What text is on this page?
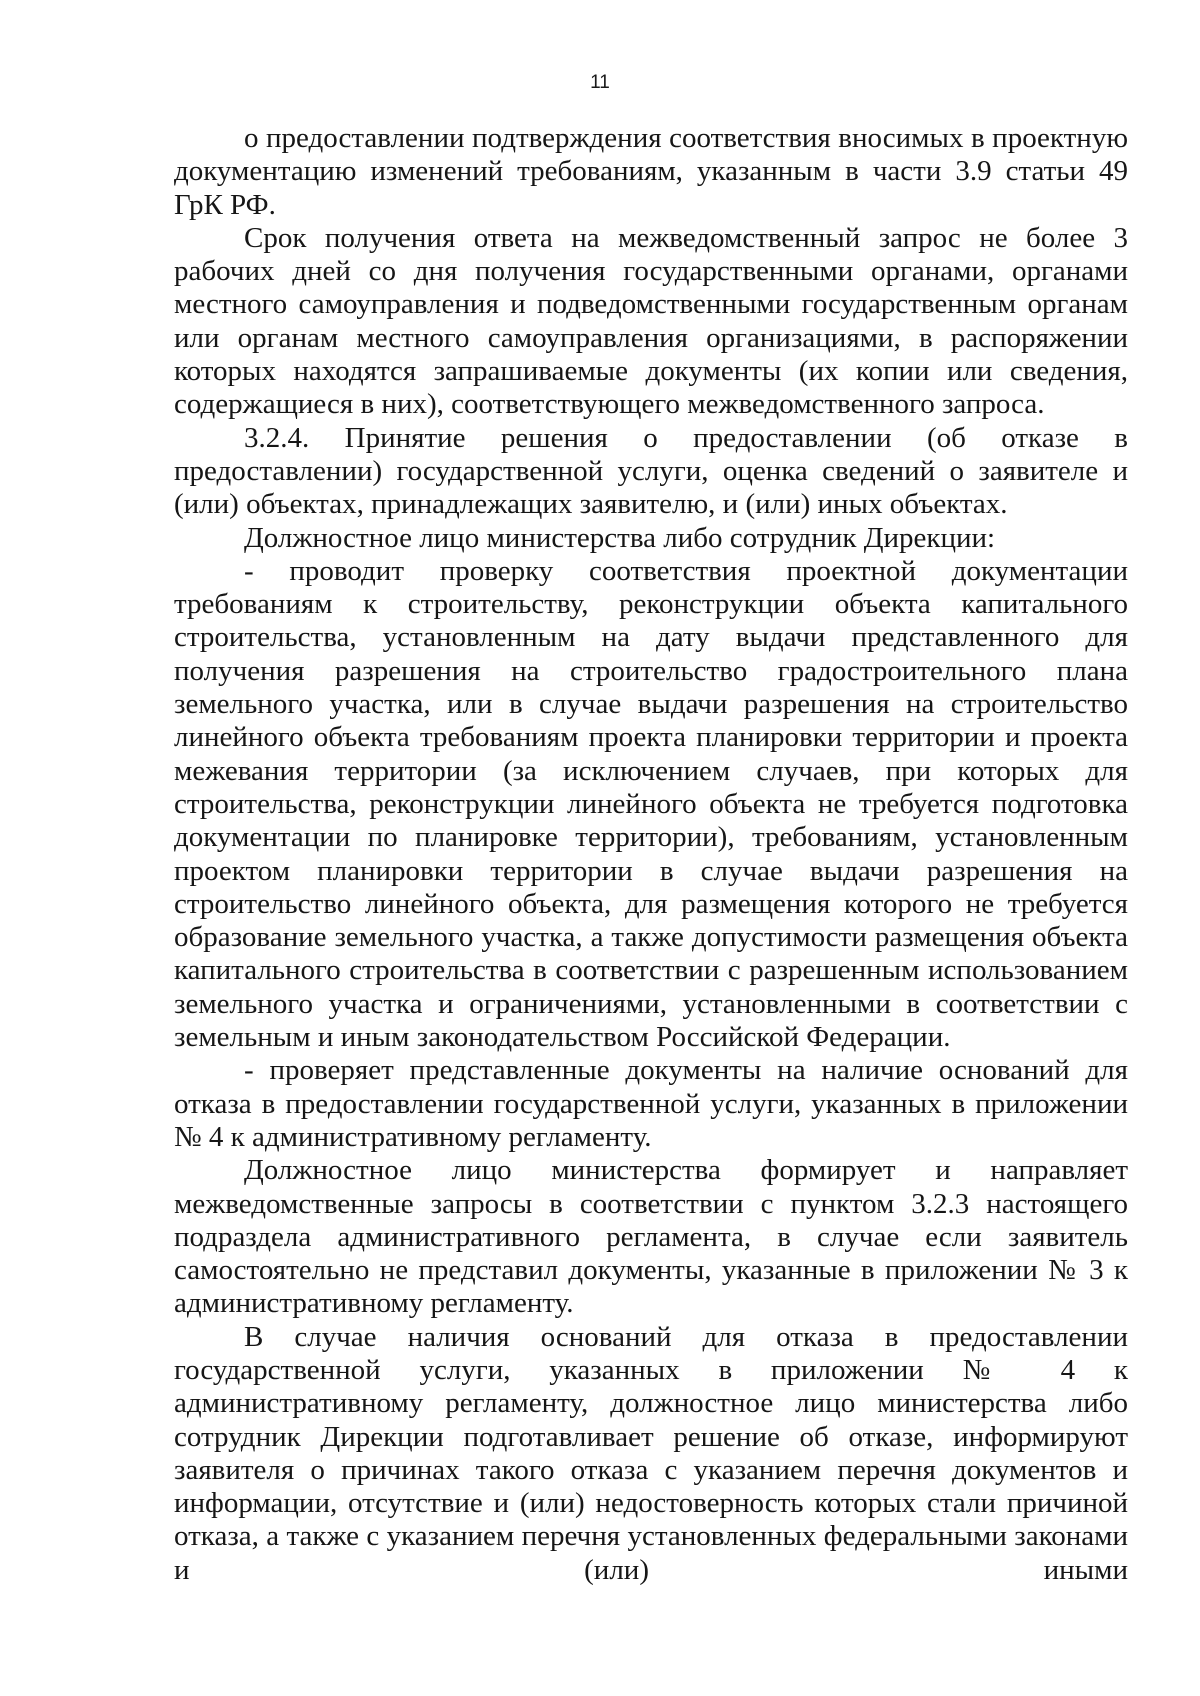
11

о предоставлении подтверждения соответствия вносимых в проектную документацию изменений требованиям, указанным в части 3.9 статьи 49 ГрК РФ.

Срок получения ответа на межведомственный запрос не более 3 рабочих дней со дня получения государственными органами, органами местного самоуправления и подведомственными государственным органам или органам местного самоуправления организациями, в распоряжении которых находятся запрашиваемые документы (их копии или сведения, содержащиеся в них), соответствующего межведомственного запроса.

3.2.4. Принятие решения о предоставлении (об отказе в предоставлении) государственной услуги, оценка сведений о заявителе и (или) объектах, принадлежащих заявителю, и (или) иных объектах.

Должностное лицо министерства либо сотрудник Дирекции:

- проводит проверку соответствия проектной документации требованиям к строительству, реконструкции объекта капитального строительства, установленным на дату выдачи представленного для получения разрешения на строительство градостроительного плана земельного участка, или в случае выдачи разрешения на строительство линейного объекта требованиям проекта планировки территории и проекта межевания территории (за исключением случаев, при которых для строительства, реконструкции линейного объекта не требуется подготовка документации по планировке территории), требованиям, установленным проектом планировки территории в случае выдачи разрешения на строительство линейного объекта, для размещения которого не требуется образование земельного участка, а также допустимости размещения объекта капитального строительства в соответствии с разрешенным использованием земельного участка и ограничениями, установленными в соответствии с земельным и иным законодательством Российской Федерации.

- проверяет представленные документы на наличие оснований для отказа в предоставлении государственной услуги, указанных в приложении № 4 к административному регламенту.

Должностное лицо министерства формирует и направляет межведомственные запросы в соответствии с пунктом 3.2.3 настоящего подраздела административного регламента, в случае если заявитель самостоятельно не представил документы, указанные в приложении № 3 к административному регламенту.

В случае наличия оснований для отказа в предоставлении государственной услуги, указанных в приложении № 4 к административному регламенту, должностное лицо министерства либо сотрудник Дирекции подготавливает решение об отказе, информируют заявителя о причинах такого отказа с указанием перечня документов и информации, отсутствие и (или) недостоверность которых стали причиной отказа, а также с указанием перечня установленных федеральными законами и (или) иными
